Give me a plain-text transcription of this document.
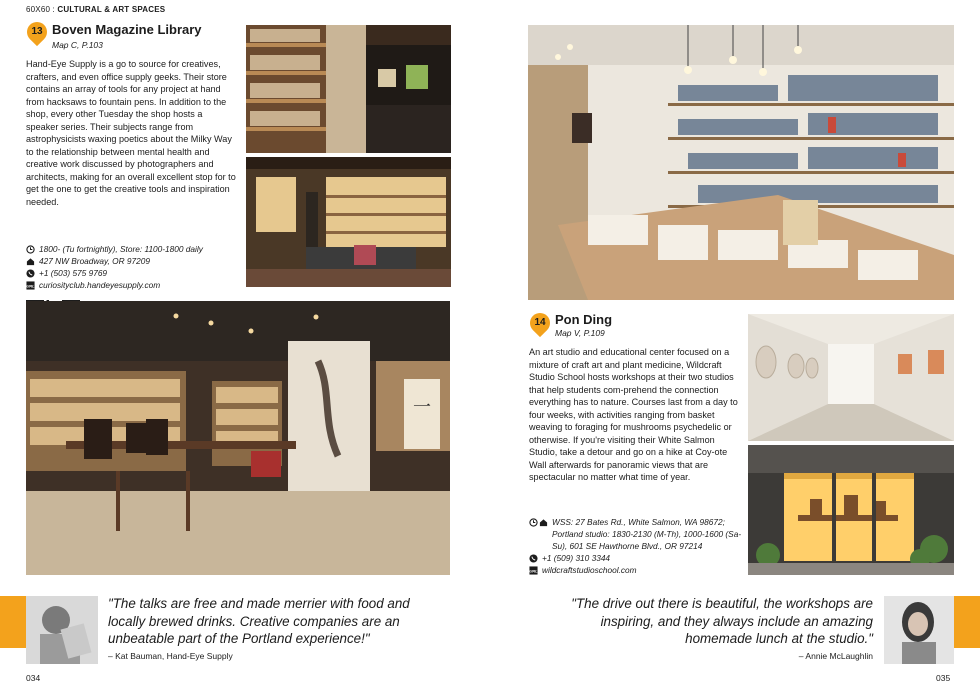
60X60 : CULTURAL & ART SPACES
13 Boven Magazine Library
Map C, P.103
Hand-Eye Supply is a go to source for creatives, crafters, and even office supply geeks. Their store contains an array of tools for any project at hand from hacksaws to fountain pens. In addition to the shop, every other Tuesday the shop hosts a speaker series. Their subjects range from astrophysicists waxing poetics about the Milky Way to the relationship between mental health and creative work discussed by photographers and architects, making for an overall excellent stop for to get the one to get the creative tools and inspiration needed.
1800- (Tu fortnightly), Store: 1100-1800 daily
427 NW Broadway, OR 97209
+1 (503) 575 9769
URL curiosityclub.handeyesupply.com
一
14 Pon Ding
Map V, P.109
An art studio and educational center focused on a mixture of craft art and plant medicine, Wildcraft Studio School hosts workshops at their two studios that help students com-prehend the connection everything has to nature. Courses last from a day to four weeks, with activities ranging from basket weaving to foraging for mushrooms psychedelic or otherwise. If you're visiting their White Salmon Studio, take a detour and go on a hike at Coy-ote Wall afterwards for panoramic views that are spectacular no matter what time of year.
WSS: 27 Bates Rd., White Salmon, WA 98672; Portland studio: 1830-2130 (M-Th), 1000-1600 (Sa-Su), 601 SE Hawthorne Blvd., OR 97214
+1 (509) 310 3344
URL wildcraftstudioschool.com
"The talks are free and made merrier with food and locally brewed drinks. Creative companies are an unbeatable part of the Portland experience!"
– Kat Bauman, Hand-Eye Supply
"The drive out there is beautiful, the workshops are inspiring, and they always include an amazing homemade lunch at the studio."
– Annie McLaughlin
034	035
